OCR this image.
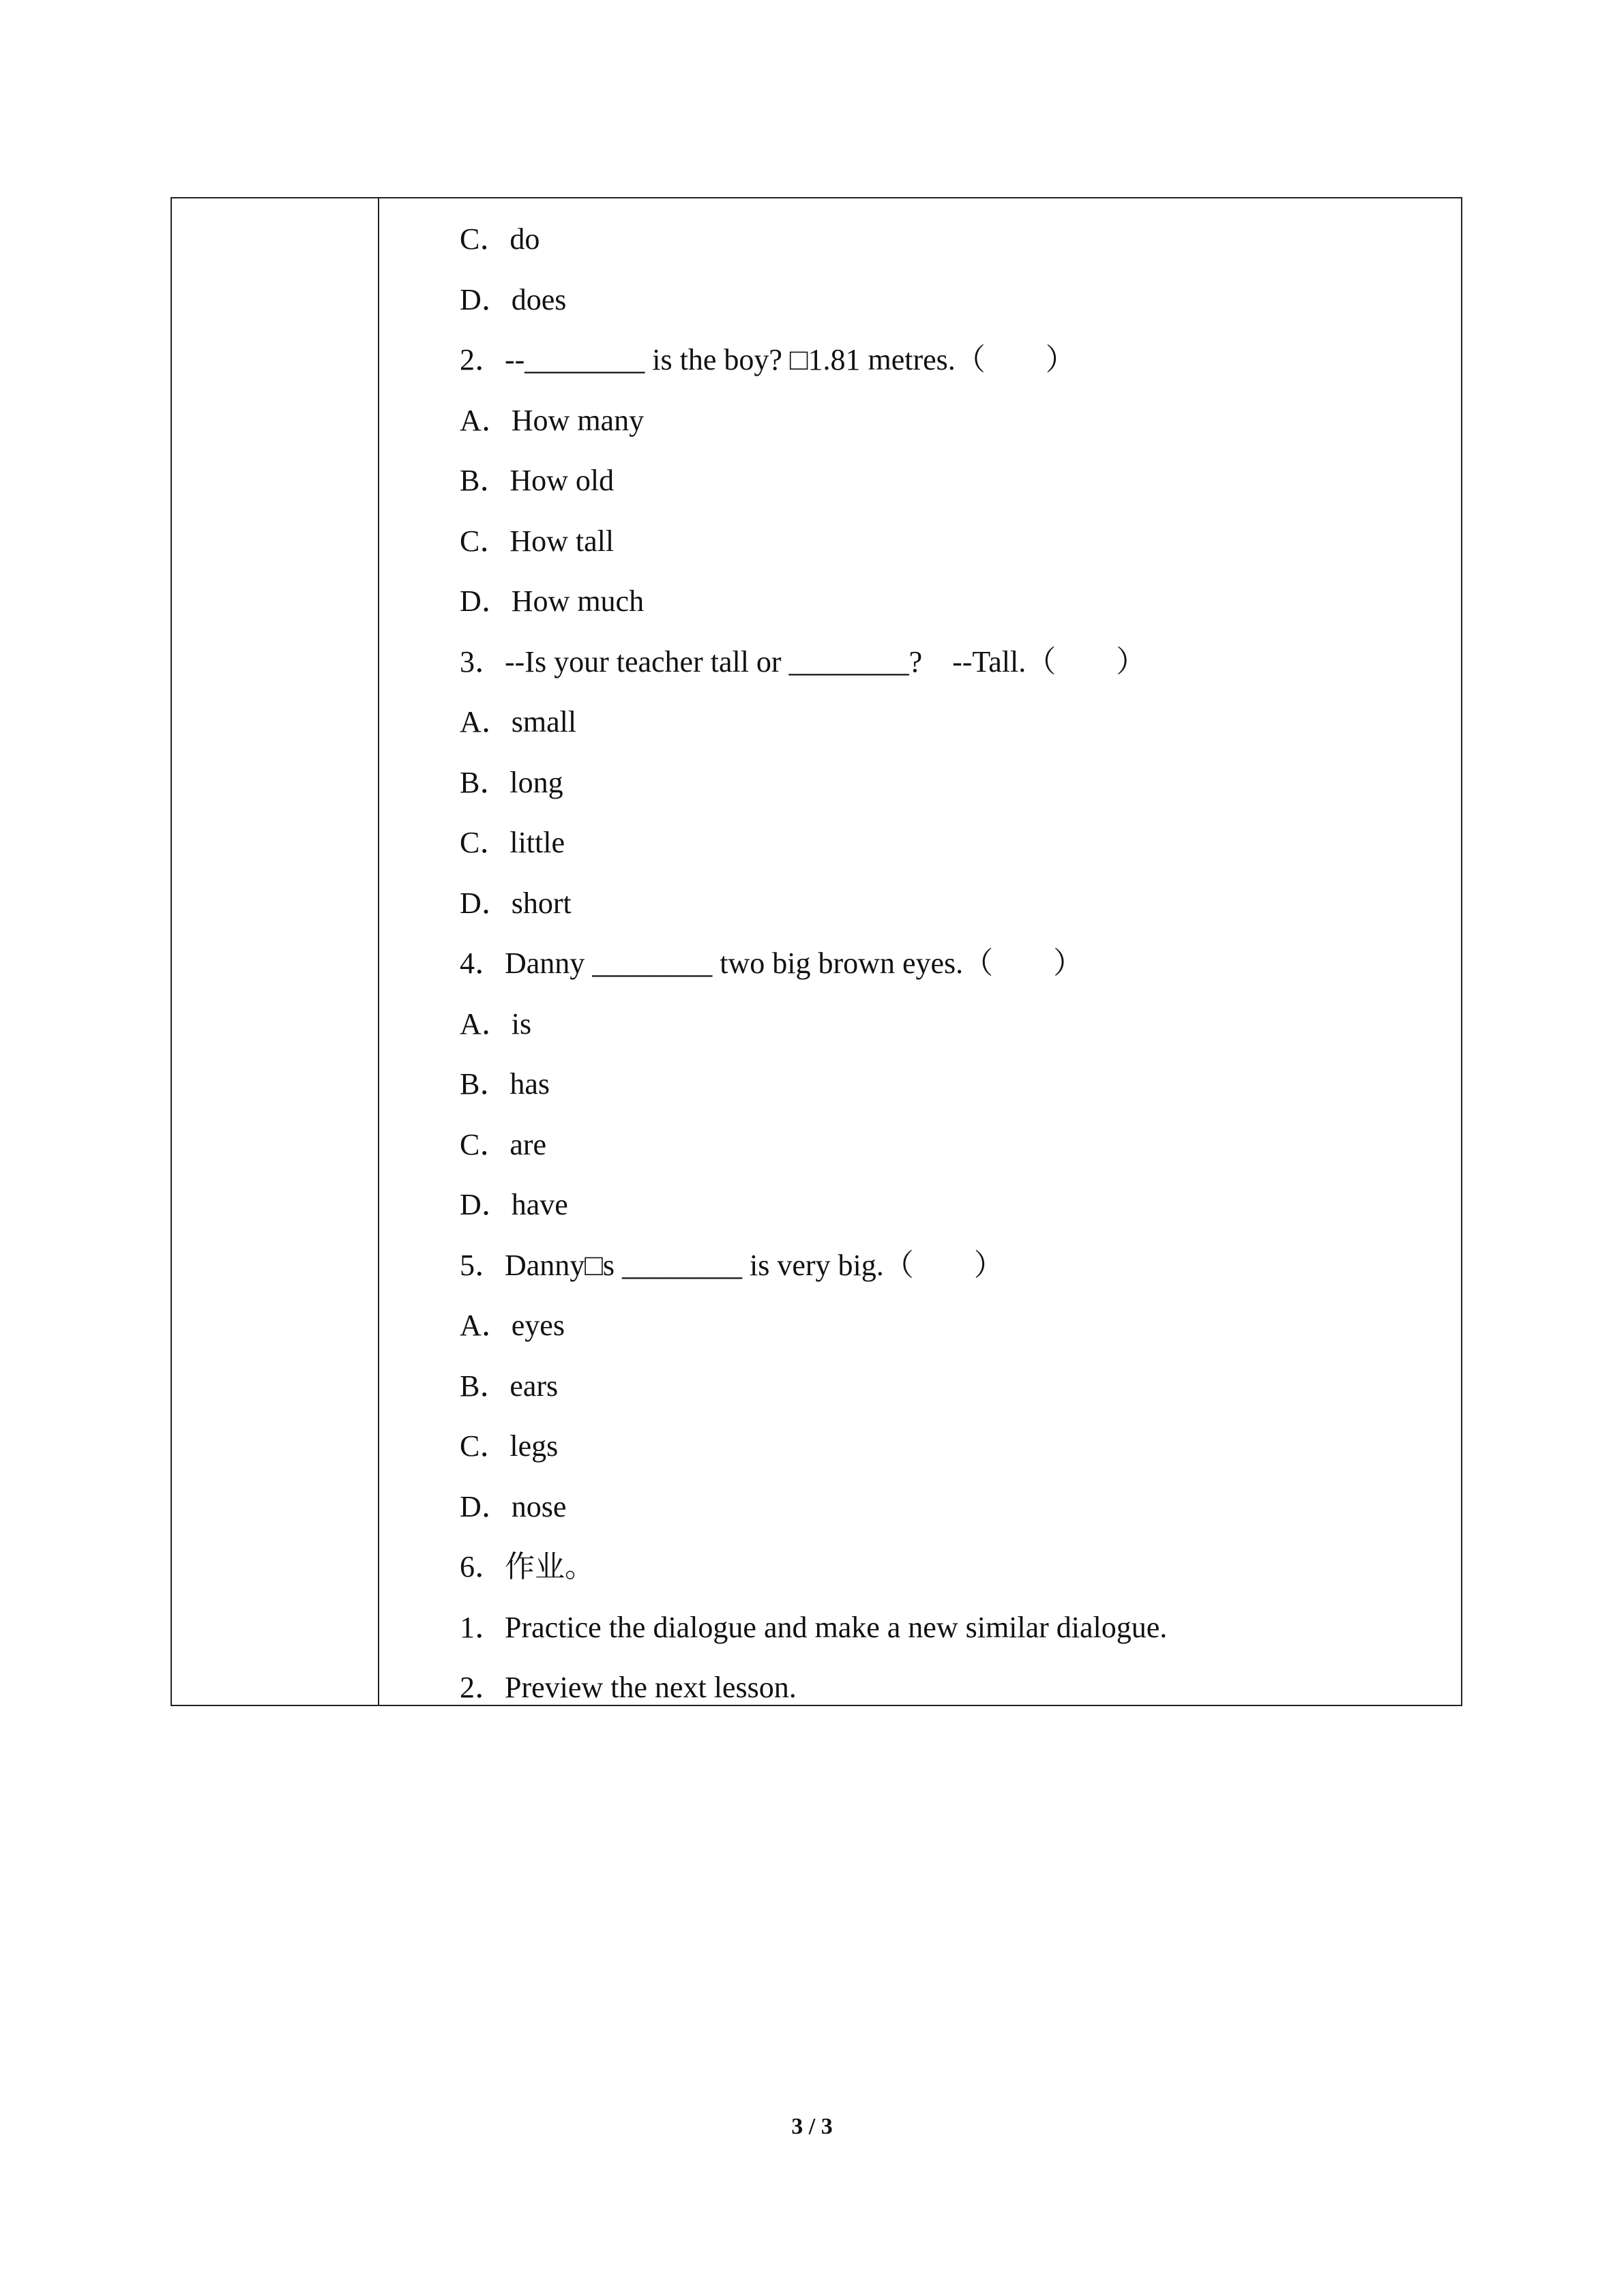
C．do
D．does
2．--________ is the boy? □1.81 metres.（　　）
A．How many
B．How old
C．How tall
D．How much
3．--Is your teacher tall or ________?　--Tall.（　　）
A．small
B．long
C．little
D．short
4．Danny ________ two big brown eyes.（　　）
A．is
B．has
C．are
D．have
5．Danny□s ________ is very big.（　　）
A．eyes
B．ears
C．legs
D．nose
6．作业。
1．Practice the dialogue and make a new similar dialogue.
2．Preview the next lesson.
3 / 3
